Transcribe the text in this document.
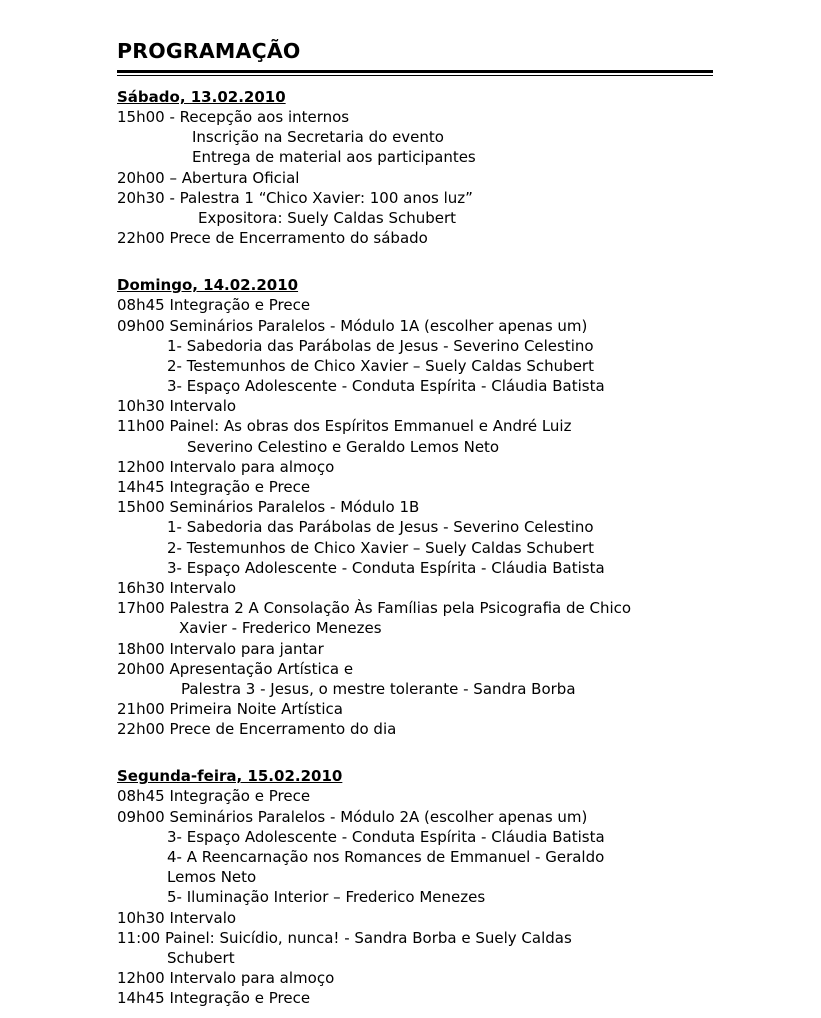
PROGRAMAÇÃO
Sábado, 13.02.2010
15h00 - Recepção aos internos
Inscrição na Secretaria do evento
Entrega de material aos participantes
20h00 – Abertura Oficial
20h30 - Palestra 1 “Chico Xavier: 100 anos luz”
Expositora: Suely Caldas Schubert
22h00 Prece de Encerramento do sábado
Domingo, 14.02.2010
08h45 Integração e Prece
09h00 Seminários Paralelos - Módulo 1A (escolher apenas um)
1- Sabedoria das Parábolas de Jesus - Severino Celestino
2- Testemunhos de Chico Xavier – Suely Caldas Schubert
3- Espaço Adolescente - Conduta Espírita - Cláudia Batista
10h30 Intervalo
11h00 Painel: As obras dos Espíritos Emmanuel e André Luiz
Severino Celestino e Geraldo Lemos Neto
12h00 Intervalo para almoço
14h45 Integração e Prece
15h00 Seminários Paralelos - Módulo 1B
1- Sabedoria das Parábolas de Jesus - Severino Celestino
2- Testemunhos de Chico Xavier – Suely Caldas Schubert
3- Espaço Adolescente - Conduta Espírita - Cláudia Batista
16h30 Intervalo
17h00 Palestra 2 A Consolação Às Famílias pela Psicografia de Chico
Xavier - Frederico Menezes
18h00 Intervalo para jantar
20h00 Apresentação Artística e
Palestra 3 - Jesus, o mestre tolerante - Sandra Borba
21h00 Primeira Noite Artística
22h00 Prece de Encerramento do dia
Segunda-feira, 15.02.2010
08h45 Integração e Prece
09h00 Seminários Paralelos - Módulo 2A (escolher apenas um)
3- Espaço Adolescente - Conduta Espírita - Cláudia Batista
4- A Reencarnação nos Romances de Emmanuel - Geraldo
Lemos Neto
5- Iluminação Interior – Frederico Menezes
10h30 Intervalo
11:00 Painel: Suicídio, nunca! - Sandra Borba e Suely Caldas
Schubert
12h00 Intervalo para almoço
14h45 Integração e Prece
